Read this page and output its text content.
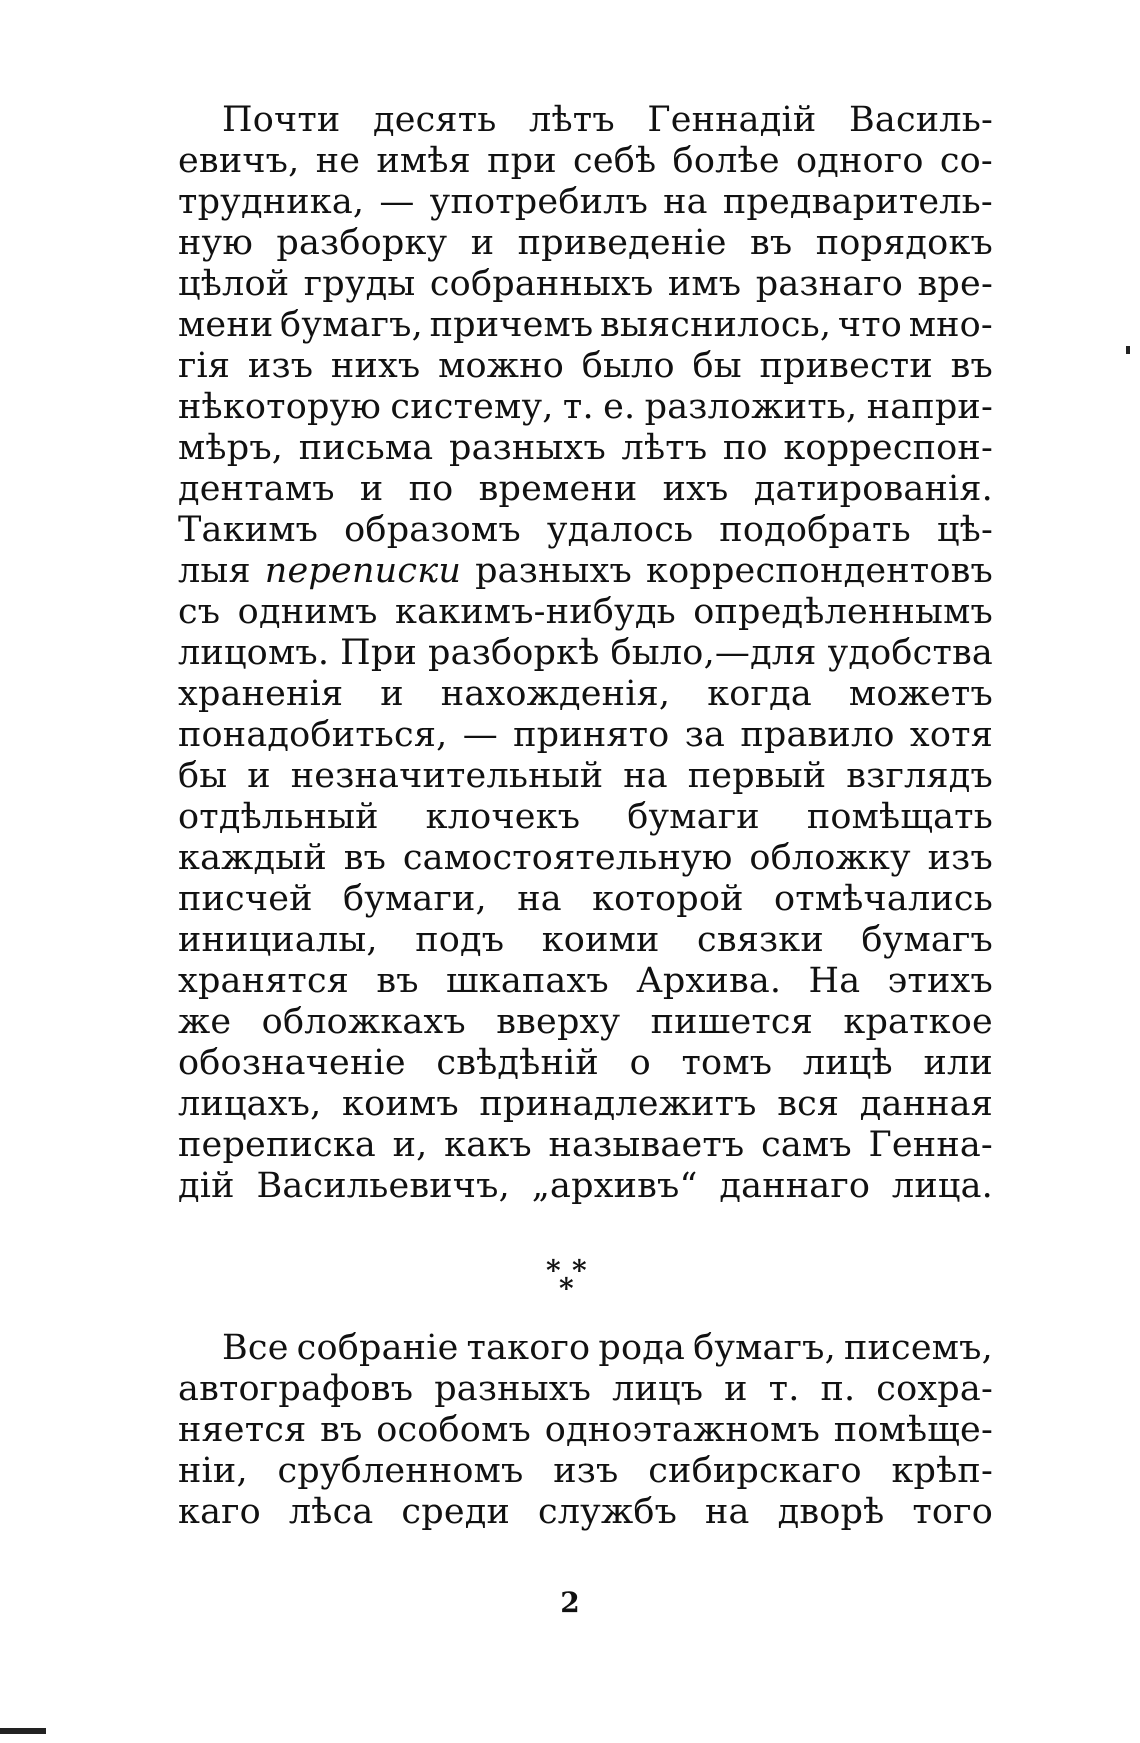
Почти десять лѣтъ Геннадій Василь-
евичъ, не имѣя при себѣ болѣе одного со-
трудника, — употребилъ на предваритель-
ную разборку и приведеніе въ порядокъ
цѣлой груды собранныхъ имъ разнаго вре-
мени бумагъ, причемъ выяснилось, что мно-
гія изъ нихъ можно было бы привести въ
нѣкоторую систему, т. е. разложить, напри-
мѣръ, письма разныхъ лѣтъ по корреспон-
дентамъ и по времени ихъ датированія.
Такимъ образомъ удалось подобрать цѣ-
лыя переписки разныхъ корреспондентовъ
съ однимъ какимъ-нибудь опредѣленнымъ
лицомъ. При разборкѣ было,—для удобства
храненія и нахожденія, когда можетъ
понадобиться, — принято за правило хотя
бы и незначительный на первый взглядъ
отдѣльный клочекъ бумаги помѣщать
каждый въ самостоятельную обложку изъ
писчей бумаги, на которой отмѣчались
инициалы, подъ коими связки бумагъ
хранятся въ шкапахъ Архива. На этихъ
же обложкахъ вверху пишется краткое
обозначеніе свѣдѣній о томъ лицѣ или
лицахъ, коимъ принадлежитъ вся данная
переписка и, какъ называетъ самъ Генна-
дій Васильевичъ, „архивъ“ даннаго лица.
* *
*
Все собраніе такого рода бумагъ, писемъ,
автографовъ разныхъ лицъ и т. п. сохра-
няется въ особомъ одноэтажномъ помѣще-
ніи, срубленномъ изъ сибирскаго крѣп-
каго лѣса среди службъ на дворѣ того
2
